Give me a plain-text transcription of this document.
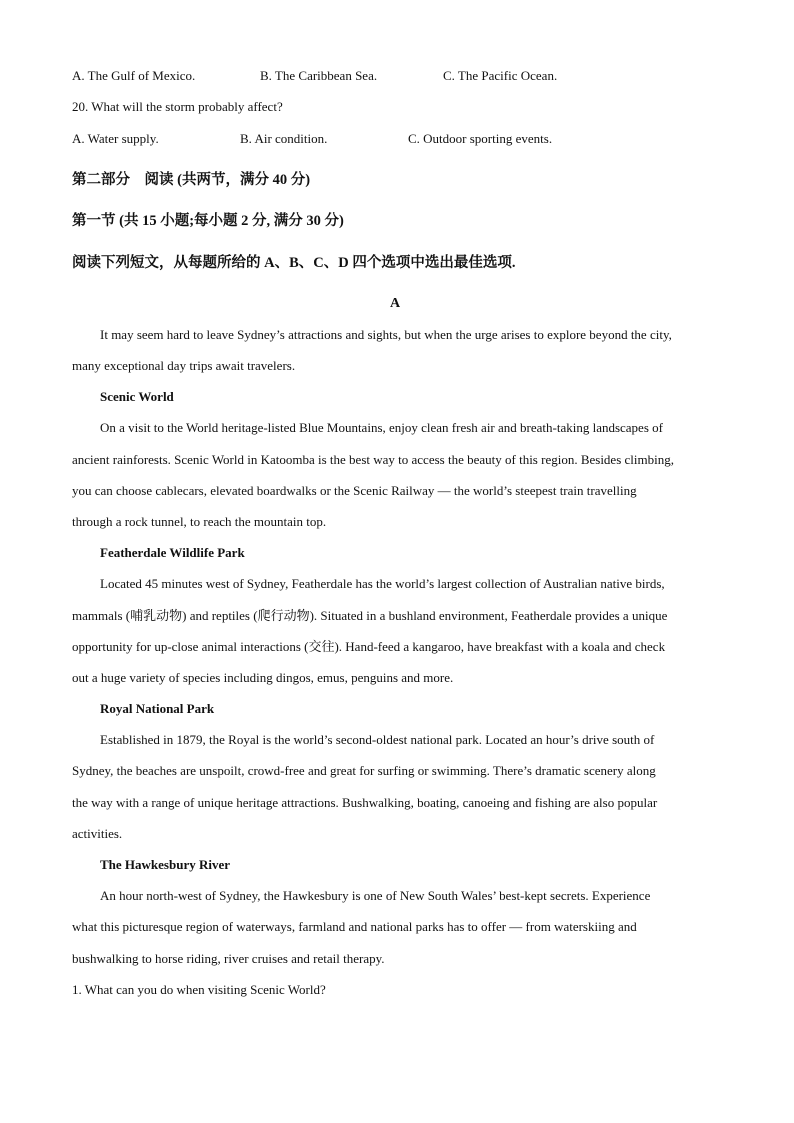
A. The Gulf of Mexico.	B. The Caribbean Sea.	C. The Pacific Ocean.
20. What will the storm probably affect?
A. Water supply.	B. Air condition.	C. Outdoor sporting events.
第二部分　阅读 (共两节，满分 40 分)
第一节 (共 15 小题;每小题 2 分, 满分 30 分)
阅读下列短文，从每题所给的 A、B、C、D 四个选项中选出最佳选项.
A
It may seem hard to leave Sydney’s attractions and sights, but when the urge arises to explore beyond the city,
many exceptional day trips await travelers.
Scenic World
On a visit to the World heritage-listed Blue Mountains, enjoy clean fresh air and breath-taking landscapes of
ancient rainforests. Scenic World in Katoomba is the best way to access the beauty of this region. Besides climbing,
you can choose cablecars, elevated boardwalks or the Scenic Railway — the world’s steepest train travelling
through a rock tunnel, to reach the mountain top.
Featherdale Wildlife Park
Located 45 minutes west of Sydney, Featherdale has the world’s largest collection of Australian native birds,
mammals (哺乳动物) and reptiles (爬行动物). Situated in a bushland environment, Featherdale provides a unique
opportunity for up-close animal interactions (交往). Hand-feed a kangaroo, have breakfast with a koala and check
out a huge variety of species including dingos, emus, penguins and more.
Royal National Park
Established in 1879, the Royal is the world’s second-oldest national park. Located an hour’s drive south of
Sydney, the beaches are unspoilt, crowd-free and great for surfing or swimming. There’s dramatic scenery along
the way with a range of unique heritage attractions. Bushwalking, boating, canoeing and fishing are also popular
activities.
The Hawkesbury River
An hour north-west of Sydney, the Hawkesbury is one of New South Wales’ best-kept secrets. Experience
what this picturesque region of waterways, farmland and national parks has to offer — from waterskiing and
bushwalking to horse riding, river cruises and retail therapy.
1. What can you do when visiting Scenic World?
